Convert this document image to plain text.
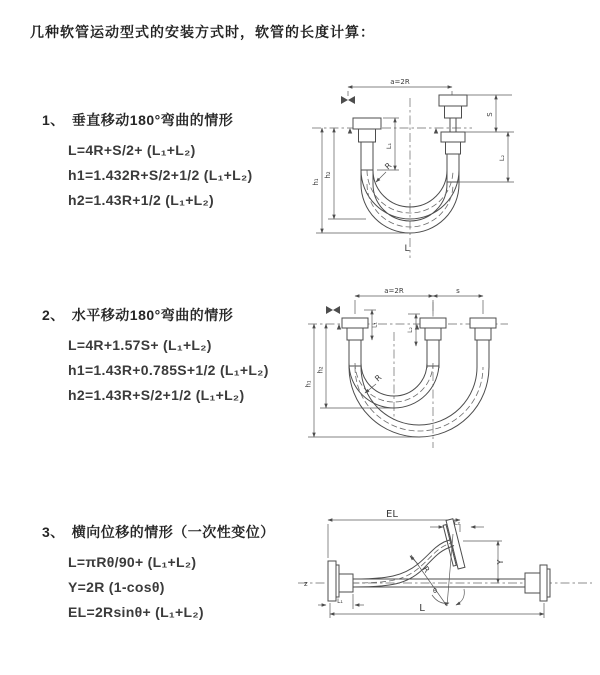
几种软管运动型式的安装方式时，软管的长度计算：
1、 垂直移动180°弯曲的情形
L=4R+S/2+ (L₁+L₂)
h1=1.432R+S/2+1/2 (L₁+L₂)
h2=1.43R+1/2 (L₁+L₂)
a=2R
L₁
S
L₂
h₁
h₂
R
L
2、 水平移动180°弯曲的情形
L=4R+1.57S+ (L₁+L₂)
h1=1.43R+0.785S+1/2 (L₁+L₂)
h2=1.43R+S/2+1/2 (L₁+L₂)
a=2R	s
L₁
L₂
h₁
h₂
R
3、 横向位移的情形（一次性变位）
L=πRθ/90+ (L₁+L₂)
Y=2R (1-cosθ)
EL=2Rsinθ+ (L₁+L₂)
EL
L₂
z
Y
θ
R
L₁
L
